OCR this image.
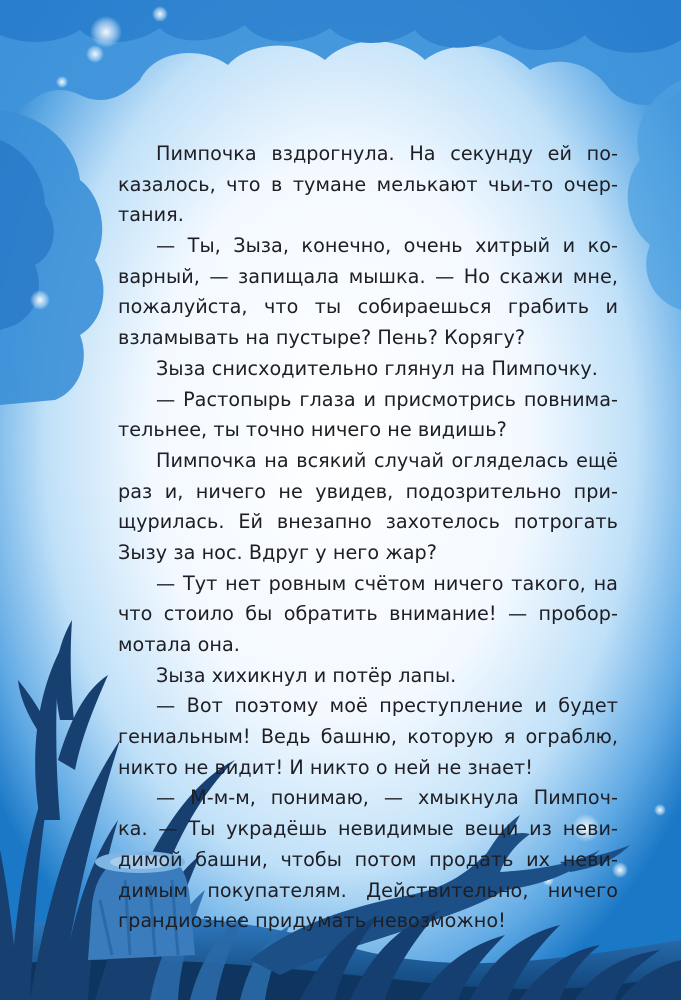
Пимпочка вздрогнула. На секунду ей по-
казалось, что в тумане мелькают чьи-то очер-
тания.
— Ты, Зыза, конечно, очень хитрый и ко-
варный, — запищала мышка. — Но скажи мне,
пожалуйста, что ты собираешься грабить и
взламывать на пустыре? Пень? Корягу?
Зыза снисходительно глянул на Пимпочку.
— Растопырь глаза и присмотрись повнима-
тельнее, ты точно ничего не видишь?
Пимпочка на всякий случай огляделась ещё
раз и, ничего не увидев, подозрительно при-
щурилась. Ей внезапно захотелось потрогать
Зызу за нос. Вдруг у него жар?
— Тут нет ровным счётом ничего такого, на
что стоило бы обратить внимание! — пробор-
мотала она.
Зыза хихикнул и потёр лапы.
— Вот поэтому моё преступление и будет
гениальным! Ведь башню, которую я ограблю,
никто не видит! И никто о ней не знает!
— М-м-м, понимаю, — хмыкнула Пимпоч-
ка. — Ты украдёшь невидимые вещи из неви-
димой башни, чтобы потом продать их неви-
димым покупателям. Действительно, ничего
грандиознее придумать невозможно!
